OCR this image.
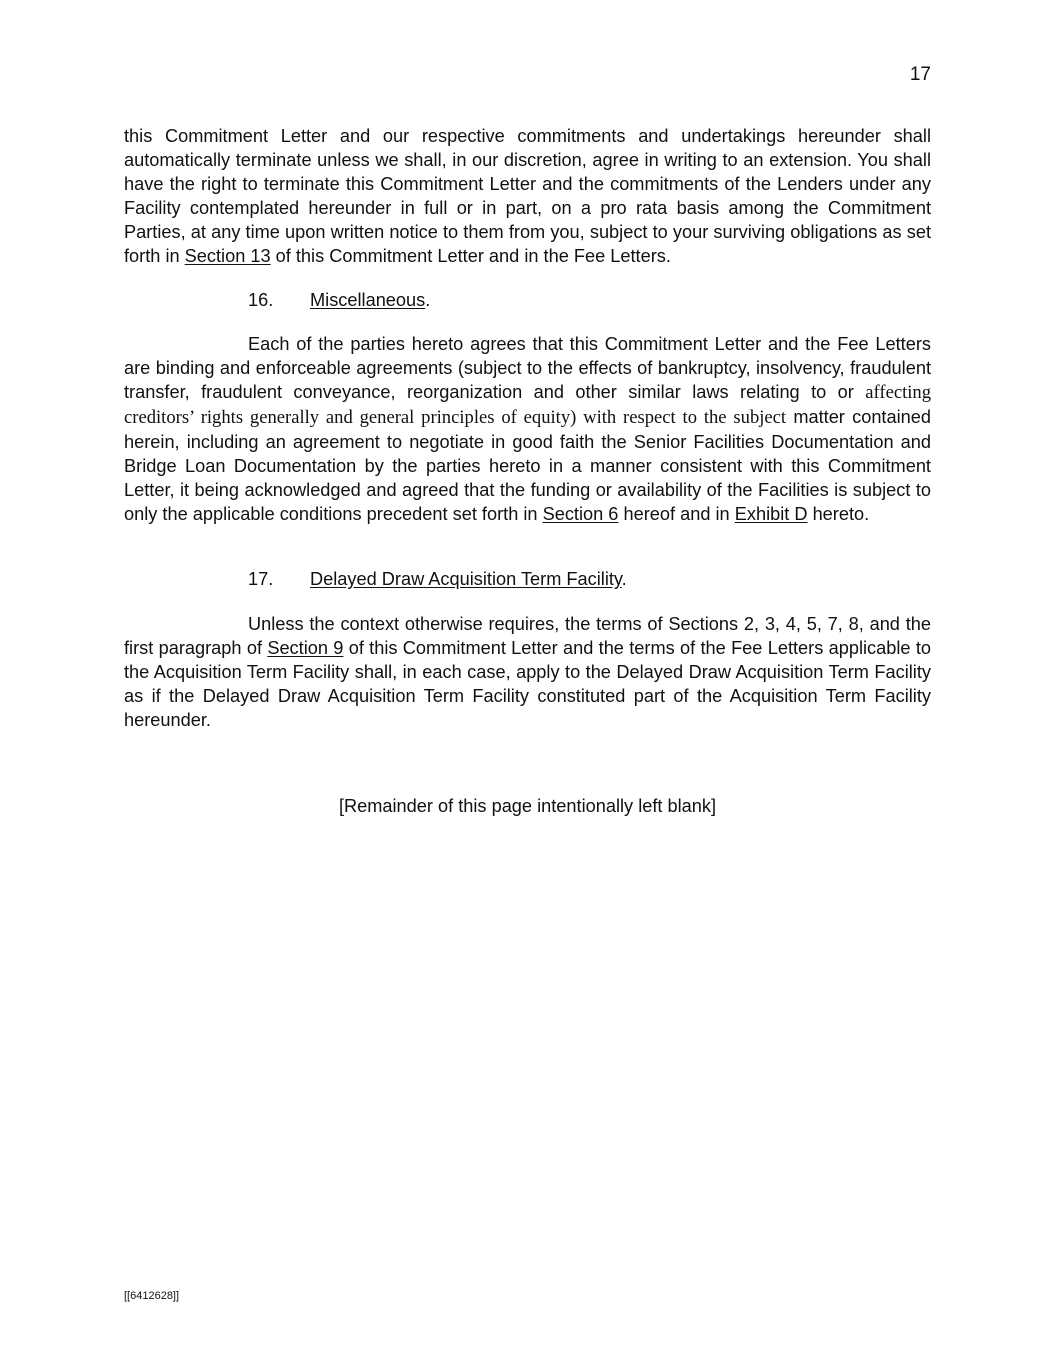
17

this Commitment Letter and our respective commitments and undertakings hereunder shall automatically terminate unless we shall, in our discretion, agree in writing to an extension. You shall have the right to terminate this Commitment Letter and the commitments of the Lenders under any Facility contemplated hereunder in full or in part, on a pro rata basis among the Commitment Parties, at any time upon written notice to them from you, subject to your surviving obligations as set forth in Section 13 of this Commitment Letter and in the Fee Letters.

16. Miscellaneous.

Each of the parties hereto agrees that this Commitment Letter and the Fee Letters are binding and enforceable agreements (subject to the effects of bankruptcy, insolvency, fraudulent transfer, fraudulent conveyance, reorganization and other similar laws relating to or affecting creditors’ rights generally and general principles of equity) with respect to the subject matter contained herein, including an agreement to negotiate in good faith the Senior Facilities Documentation and Bridge Loan Documentation by the parties hereto in a manner consistent with this Commitment Letter, it being acknowledged and agreed that the funding or availability of the Facilities is subject to only the applicable conditions precedent set forth in Section 6 hereof and in Exhibit D hereto.

17. Delayed Draw Acquisition Term Facility.

Unless the context otherwise requires, the terms of Sections 2, 3, 4, 5, 7, 8, and the first paragraph of Section 9 of this Commitment Letter and the terms of the Fee Letters applicable to the Acquisition Term Facility shall, in each case, apply to the Delayed Draw Acquisition Term Facility as if the Delayed Draw Acquisition Term Facility constituted part of the Acquisition Term Facility hereunder.

[Remainder of this page intentionally left blank]
[[6412628]]
